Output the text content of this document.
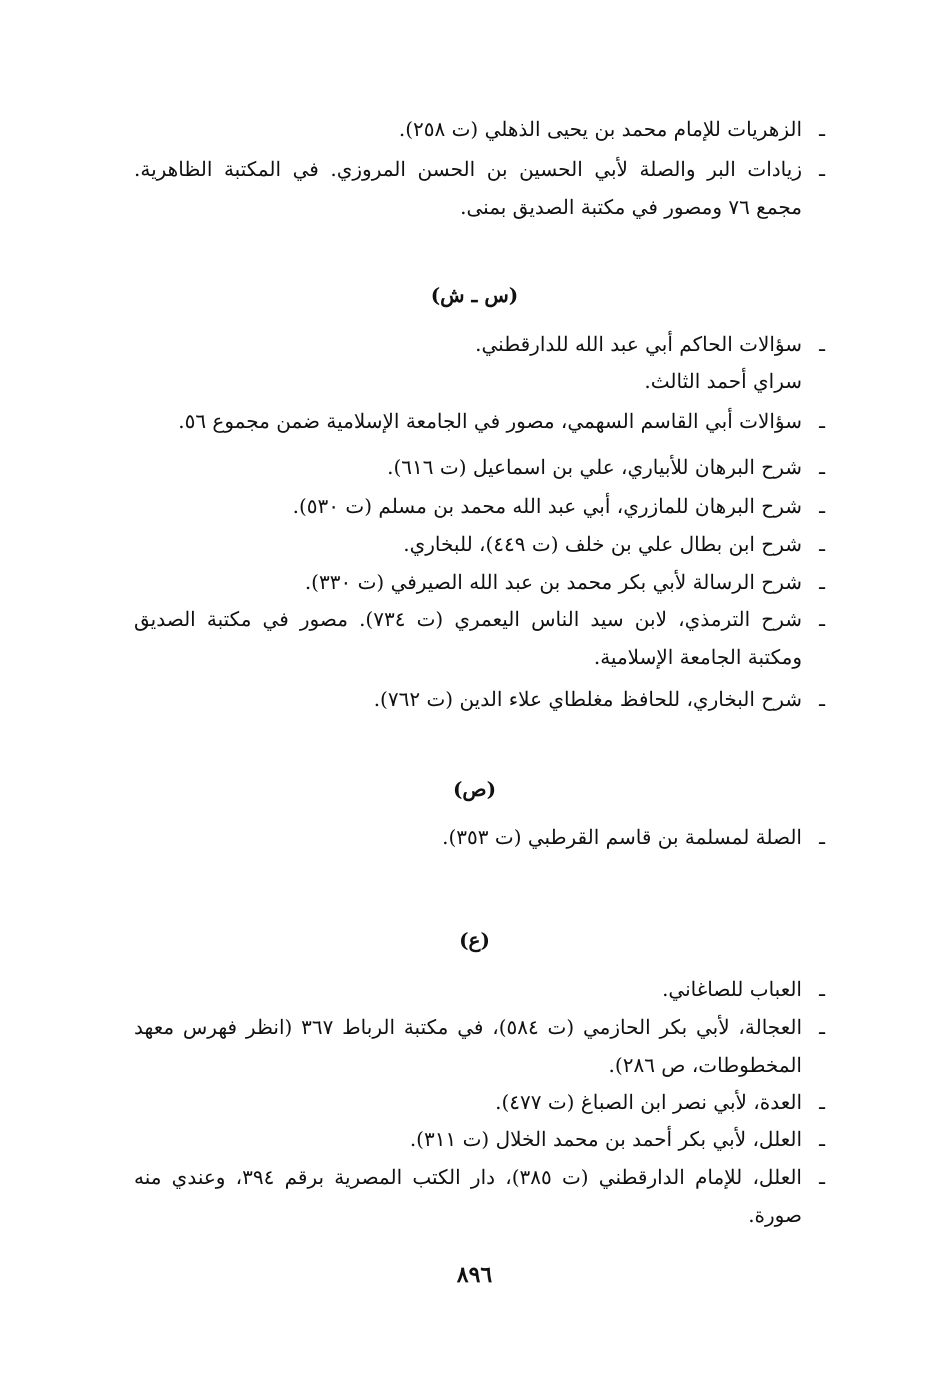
ـ
الزهريات للإمام محمد بن يحيى الذهلي (ت ٢٥٨).
ـ
زيادات البر والصلة لأبي الحسين بن الحسن المروزي. في المكتبة الظاهرية. مجمع ٧٦ ومصور في مكتبة الصديق بمنى.
(س ـ ش)
ـ
سؤالات الحاكم أبي عبد الله للدارقطني.
سراي أحمد الثالث.
ـ
سؤالات أبي القاسم السهمي، مصور في الجامعة الإسلامية ضمن مجموع ٥٦.
ـ
شرح البرهان للأبياري، علي بن اسماعيل (ت ٦١٦).
ـ
شرح البرهان للمازري، أبي عبد الله محمد بن مسلم (ت ٥٣٠).
ـ
شرح ابن بطال علي بن خلف (ت ٤٤٩)، للبخاري.
ـ
شرح الرسالة لأبي بكر محمد بن عبد الله الصيرفي (ت ٣٣٠).
ـ
شرح الترمذي، لابن سيد الناس اليعمري (ت ٧٣٤). مصور في مكتبة الصديق ومكتبة الجامعة الإسلامية.
ـ
شرح البخاري، للحافظ مغلطاي علاء الدين (ت ٧٦٢).
(ص)
ـ
الصلة لمسلمة بن قاسم القرطبي (ت ٣٥٣).
(ع)
ـ
العباب للصاغاني.
ـ
العجالة، لأبي بكر الحازمي (ت ٥٨٤)، في مكتبة الرباط ٣٦٧ (انظر فهرس معهد المخطوطات، ص ٢٨٦).
ـ
العدة، لأبي نصر ابن الصباغ (ت ٤٧٧).
ـ
العلل، لأبي بكر أحمد بن محمد الخلال (ت ٣١١).
ـ
العلل، للإمام الدارقطني (ت ٣٨٥)، دار الكتب المصرية برقم ٣٩٤، وعندي منه صورة.
٨٩٦
